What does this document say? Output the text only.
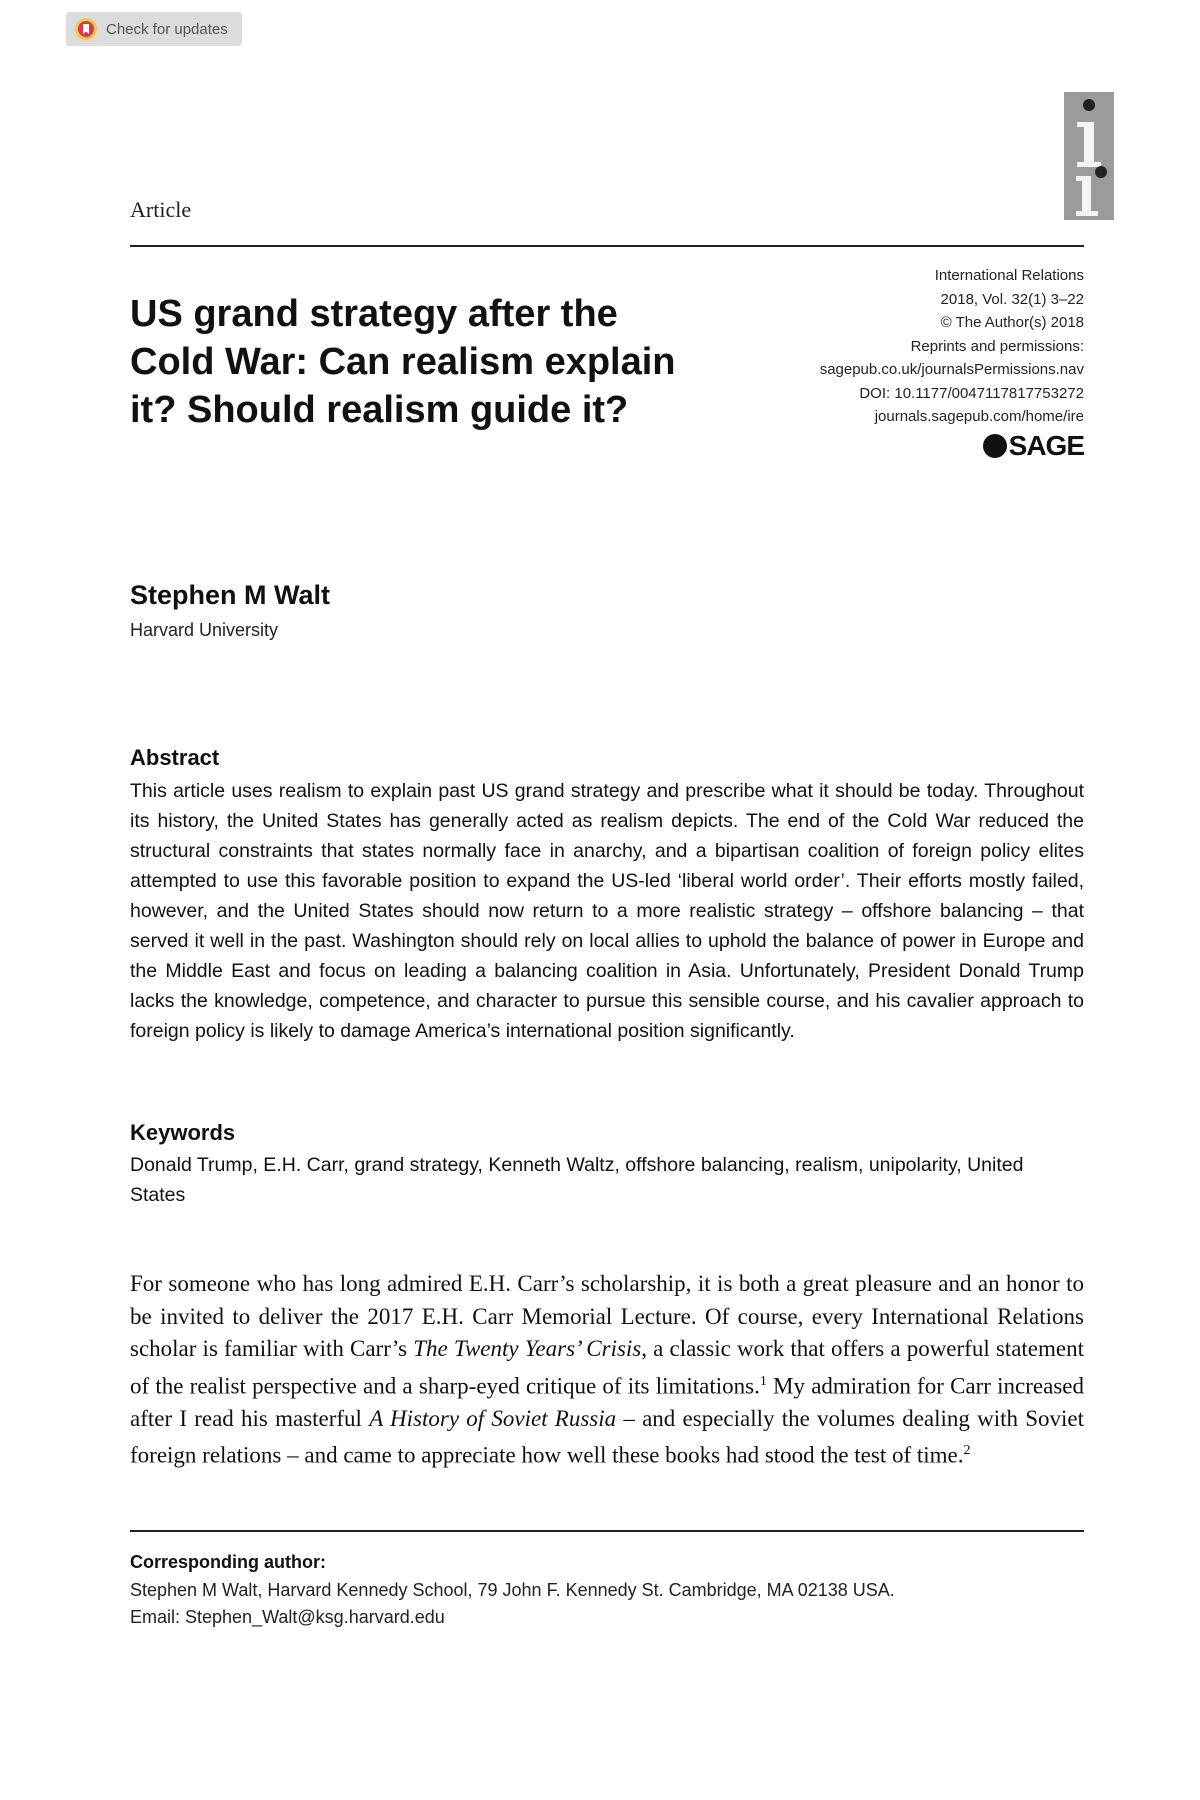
Check for updates
Article
US grand strategy after the Cold War: Can realism explain it? Should realism guide it?
International Relations
2018, Vol. 32(1) 3–22
© The Author(s) 2018
Reprints and permissions:
sagepub.co.uk/journalsPermissions.nav
DOI: 10.1177/0047117817753272
journals.sagepub.com/home/ire
SAGE
Stephen M Walt
Harvard University
Abstract

This article uses realism to explain past US grand strategy and prescribe what it should be today. Throughout its history, the United States has generally acted as realism depicts. The end of the Cold War reduced the structural constraints that states normally face in anarchy, and a bipartisan coalition of foreign policy elites attempted to use this favorable position to expand the US-led ‘liberal world order’. Their efforts mostly failed, however, and the United States should now return to a more realistic strategy – offshore balancing – that served it well in the past. Washington should rely on local allies to uphold the balance of power in Europe and the Middle East and focus on leading a balancing coalition in Asia. Unfortunately, President Donald Trump lacks the knowledge, competence, and character to pursue this sensible course, and his cavalier approach to foreign policy is likely to damage America’s international position significantly.

Keywords

Donald Trump, E.H. Carr, grand strategy, Kenneth Waltz, offshore balancing, realism, unipolarity, United States

For someone who has long admired E.H. Carr’s scholarship, it is both a great pleasure and an honor to be invited to deliver the 2017 E.H. Carr Memorial Lecture. Of course, every International Relations scholar is familiar with Carr’s The Twenty Years’ Crisis, a classic work that offers a powerful statement of the realist perspective and a sharp-eyed critique of its limitations.$^1$ My admiration for Carr increased after I read his masterful A History of Soviet Russia – and especially the volumes dealing with Soviet foreign relations – and came to appreciate how well these books had stood the test of time.$^2$

Corresponding author:
Stephen M Walt, Harvard Kennedy School, 79 John F. Kennedy St. Cambridge, MA 02138 USA.
Email: Stephen_Walt@ksg.harvard.edu
